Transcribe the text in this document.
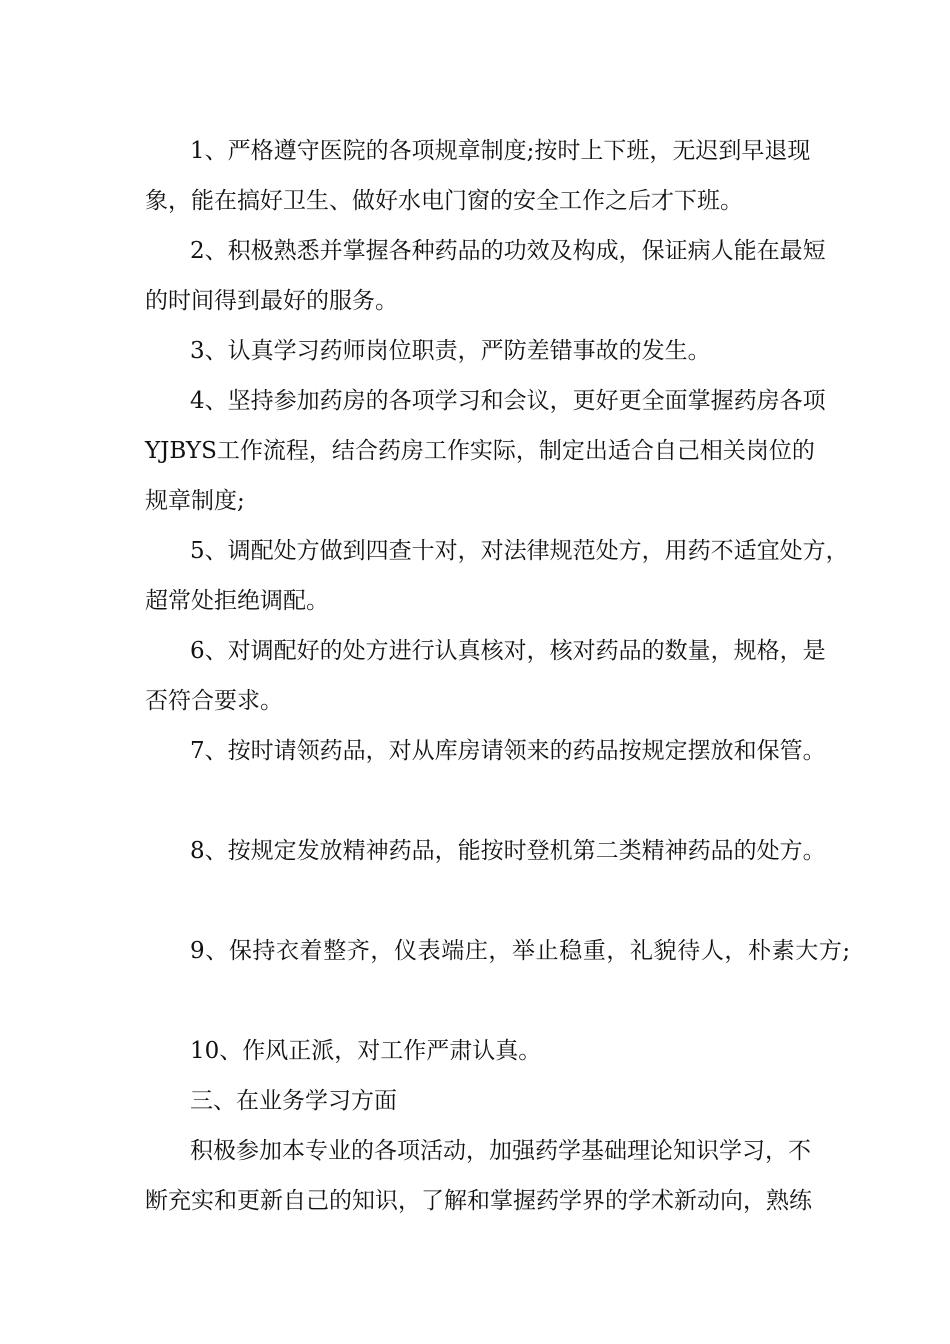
1、严格遵守医院的各项规章制度;按时上下班，无迟到早退现
象，能在搞好卫生、做好水电门窗的安全工作之后才下班。
2、积极熟悉并掌握各种药品的功效及构成，保证病人能在最短
的时间得到最好的服务。
3、认真学习药师岗位职责，严防差错事故的发生。
4、坚持参加药房的各项学习和会议，更好更全面掌握药房各项
YJBYS工作流程，结合药房工作实际，制定出适合自己相关岗位的
规章制度;
5、调配处方做到四查十对，对法律规范处方，用药不适宜处方，
超常处拒绝调配。
6、对调配好的处方进行认真核对，核对药品的数量，规格，是
否符合要求。
7、按时请领药品，对从库房请领来的药品按规定摆放和保管。
8、按规定发放精神药品，能按时登机第二类精神药品的处方。
9、保持衣着整齐，仪表端庄，举止稳重，礼貌待人，朴素大方;
10、作风正派，对工作严肃认真。
三、在业务学习方面
积极参加本专业的各项活动，加强药学基础理论知识学习，不
断充实和更新自己的知识，了解和掌握药学界的学术新动向，熟练
